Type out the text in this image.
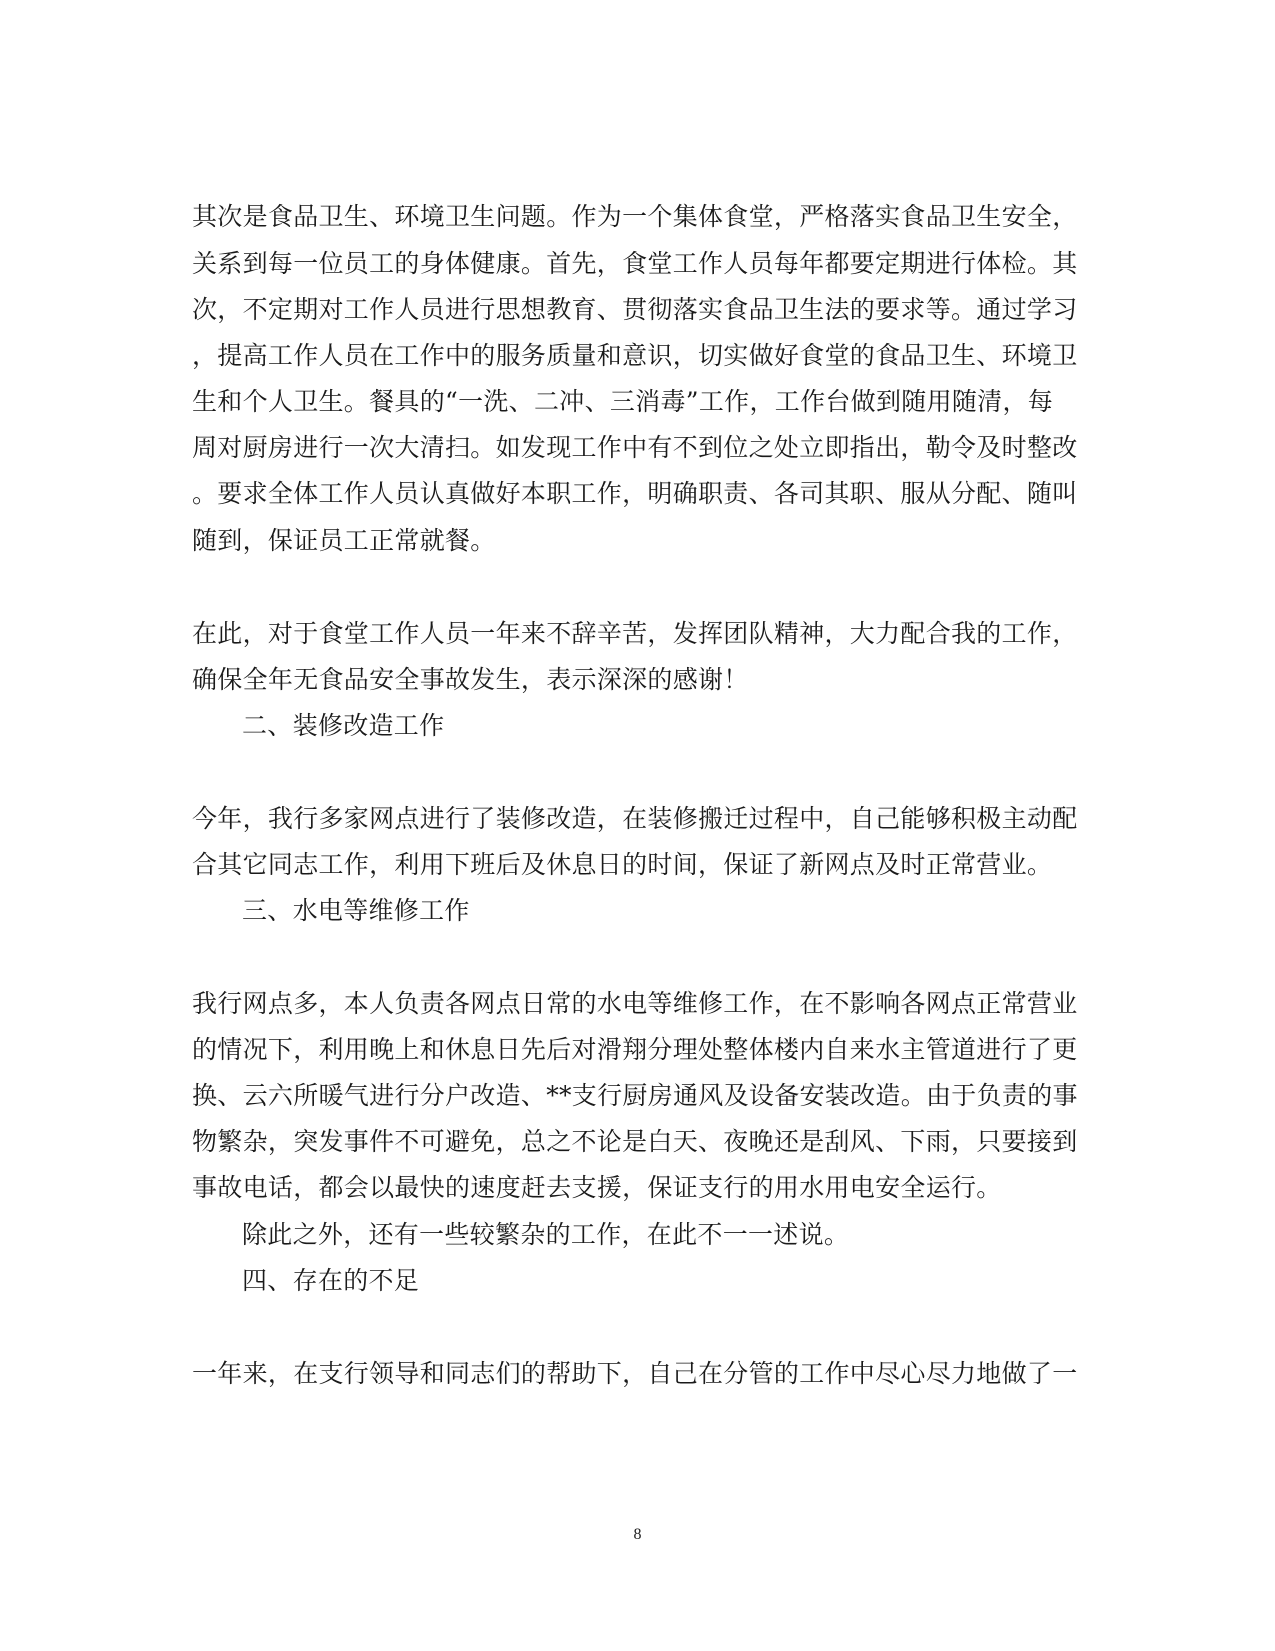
其次是食品卫生、环境卫生问题。作为一个集体食堂，严格落实食品卫生安全，
关系到每一位员工的身体健康。首先，食堂工作人员每年都要定期进行体检。其
次，不定期对工作人员进行思想教育、贯彻落实食品卫生法的要求等。通过学习
，提高工作人员在工作中的服务质量和意识，切实做好食堂的食品卫生、环境卫
生和个人卫生。餐具的“一洗、二冲、三消毒”工作，工作台做到随用随清，每
周对厨房进行一次大清扫。如发现工作中有不到位之处立即指出，勒令及时整改
。要求全体工作人员认真做好本职工作，明确职责、各司其职、服从分配、随叫
随到，保证员工正常就餐。
在此，对于食堂工作人员一年来不辞辛苦，发挥团队精神，大力配合我的工作，
确保全年无食品安全事故发生，表示深深的感谢！
二、装修改造工作
今年，我行多家网点进行了装修改造，在装修搬迁过程中，自己能够积极主动配
合其它同志工作，利用下班后及休息日的时间，保证了新网点及时正常营业。
三、水电等维修工作
我行网点多，本人负责各网点日常的水电等维修工作，在不影响各网点正常营业
的情况下，利用晚上和休息日先后对滑翔分理处整体楼内自来水主管道进行了更
换、云六所暖气进行分户改造、**支行厨房通风及设备安装改造。由于负责的事
物繁杂，突发事件不可避免，总之不论是白天、夜晚还是刮风、下雨，只要接到
事故电话，都会以最快的速度赶去支援，保证支行的用水用电安全运行。
除此之外，还有一些较繁杂的工作，在此不一一述说。
四、存在的不足
一年来，在支行领导和同志们的帮助下，自己在分管的工作中尽心尽力地做了一
8
